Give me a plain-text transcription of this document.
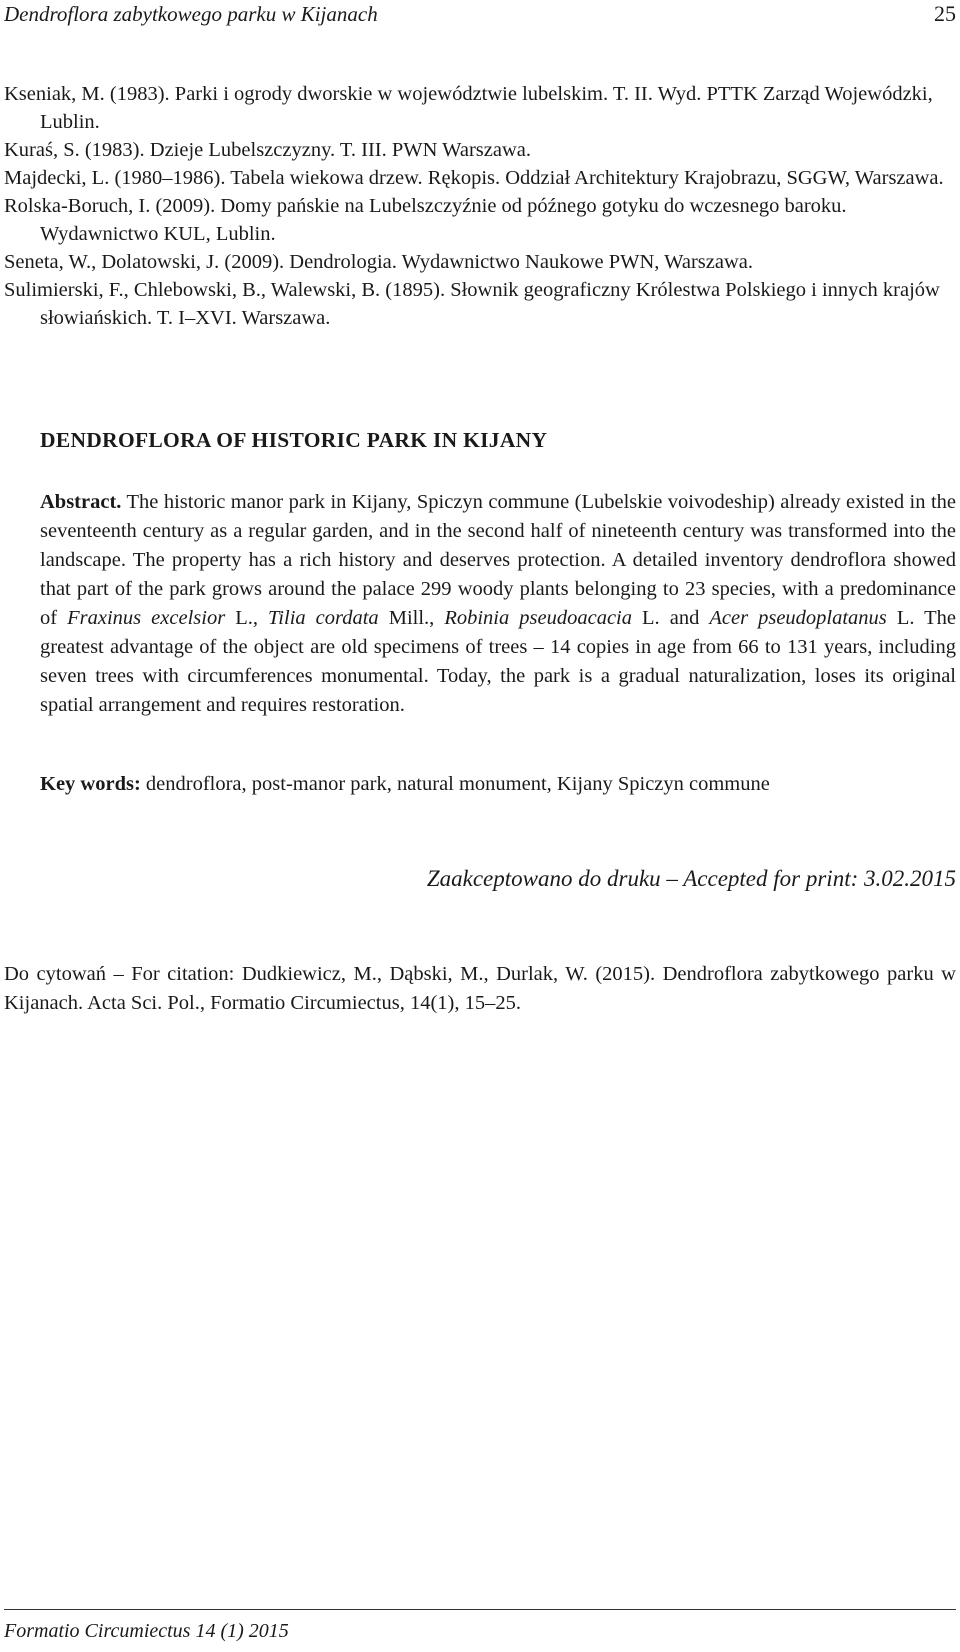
Dendroflora zabytkowego parku w Kijanach	25

Kseniak, M. (1983). Parki i ogrody dworskie w województwie lubelskim. T. II. Wyd. PTTK Zarząd Wojewódzki, Lublin.

Kuraś, S. (1983). Dzieje Lubelszczyzny. T. III. PWN Warszawa.

Majdecki, L. (1980–1986). Tabela wiekowa drzew. Rękopis. Oddział Architektury Krajobrazu, SGGW, Warszawa.

Rolska-Boruch, I. (2009). Domy pańskie na Lubelszczyźnie od późnego gotyku do wczesnego baroku. Wydawnictwo KUL, Lublin.

Seneta, W., Dolatowski, J. (2009). Dendrologia. Wydawnictwo Naukowe PWN, Warszawa.

Sulimierski, F., Chlebowski, B., Walewski, B. (1895). Słownik geograficzny Królestwa Polskiego i innych krajów słowiańskich. T. I–XVI. Warszawa.

DENDROFLORA OF HISTORIC PARK IN KIJANY

Abstract. The historic manor park in Kijany, Spiczyn commune (Lubelskie voivodeship) already existed in the seventeenth century as a regular garden, and in the second half of nineteenth century was transformed into the landscape. The property has a rich history and deserves protection. A detailed inventory dendroflora showed that part of the park grows around the palace 299 woody plants belonging to 23 species, with a predominance of Fraxinus excelsior L., Tilia cordata Mill., Robinia pseudoacacia L. and Acer pseudoplatanus L. The greatest advantage of the object are old specimens of trees – 14 copies in age from 66 to 131 years, including seven trees with circumferences monumental. Today, the park is a gradual naturalization, loses its original spatial arrangement and requires restoration.

Key words: dendroflora, post-manor park, natural monument, Kijany Spiczyn commune

Zaakceptowano do druku – Accepted for print: 3.02.2015

Do cytowań – For citation: Dudkiewicz, M., Dąbski, M., Durlak, W. (2015). Dendroflora zabytkowego parku w Kijanach. Acta Sci. Pol., Formatio Circumiectus, 14(1), 15–25.

Formatio Circumiectus 14 (1) 2015
